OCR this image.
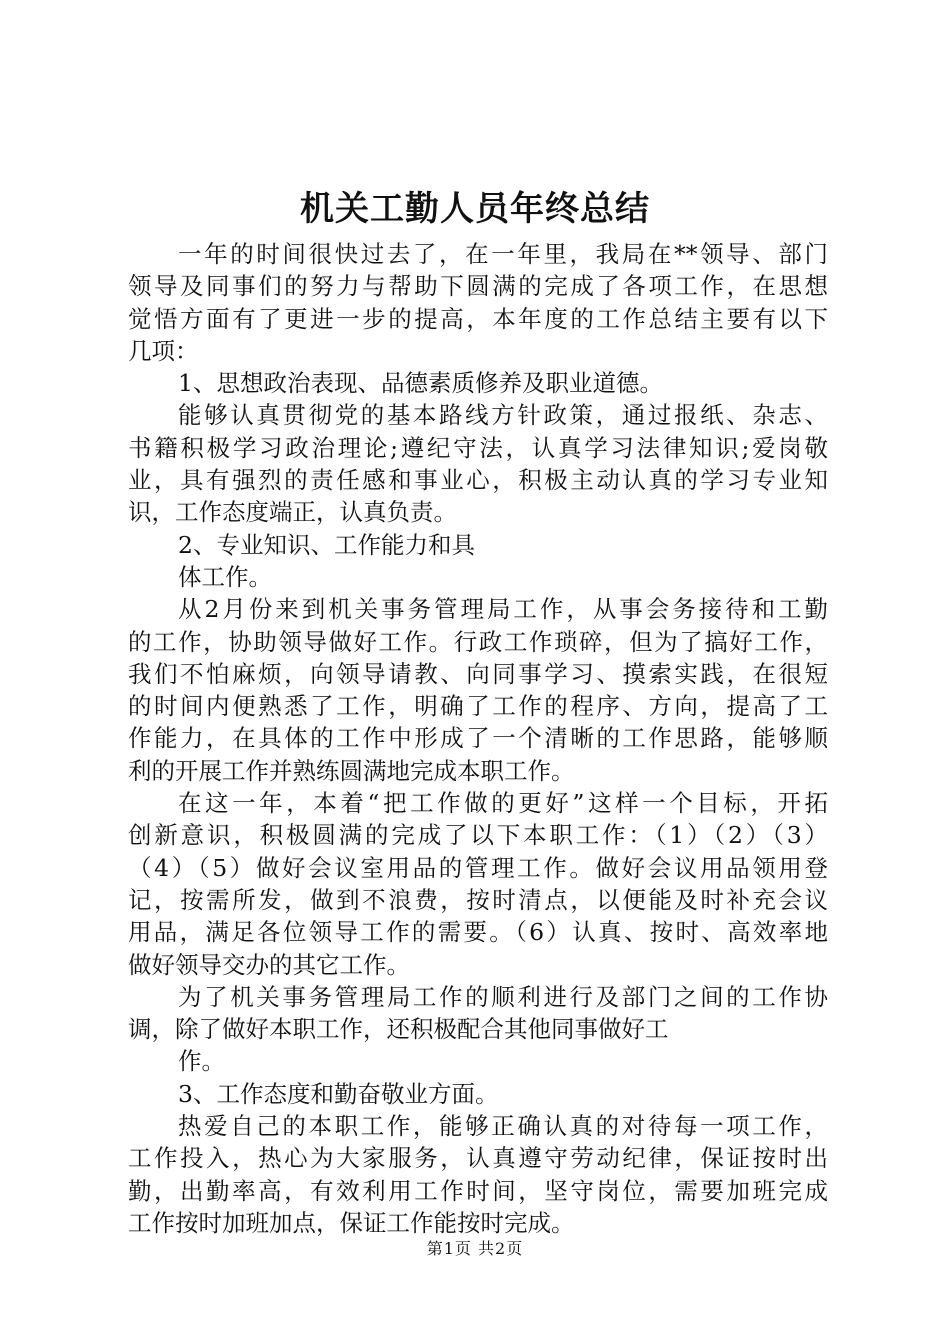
机关工勤人员年终总结
一年的时间很快过去了，在一年里，我局在**领导、部门
领导及同事们的努力与帮助下圆满的完成了各项工作，在思想
觉悟方面有了更进一步的提高，本年度的工作总结主要有以下
几项：
1、思想政治表现、品德素质修养及职业道德。
能够认真贯彻党的基本路线方针政策，通过报纸、杂志、
书籍积极学习政治理论;遵纪守法，认真学习法律知识;爱岗敬
业，具有强烈的责任感和事业心，积极主动认真的学习专业知
识，工作态度端正，认真负责。
2、专业知识、工作能力和具
体工作。
从2月份来到机关事务管理局工作，从事会务接待和工勤
的工作，协助领导做好工作。行政工作琐碎，但为了搞好工作，
我们不怕麻烦，向领导请教、向同事学习、摸索实践，在很短
的时间内便熟悉了工作，明确了工作的程序、方向，提高了工
作能力，在具体的工作中形成了一个清晰的工作思路，能够顺
利的开展工作并熟练圆满地完成本职工作。
在这一年，本着“把工作做的更好”这样一个目标，开拓
创新意识，积极圆满的完成了以下本职工作：（1）（2）（3）
（4）（5）做好会议室用品的管理工作。做好会议用品领用登
记，按需所发，做到不浪费，按时清点，以便能及时补充会议
用品，满足各位领导工作的需要。（6）认真、按时、高效率地
做好领导交办的其它工作。
为了机关事务管理局工作的顺利进行及部门之间的工作协
调，除了做好本职工作，还积极配合其他同事做好工
作。
3、工作态度和勤奋敬业方面。
热爱自己的本职工作，能够正确认真的对待每一项工作，
工作投入，热心为大家服务，认真遵守劳动纪律，保证按时出
勤，出勤率高，有效利用工作时间，坚守岗位，需要加班完成
工作按时加班加点，保证工作能按时完成。
第1页 共2页
